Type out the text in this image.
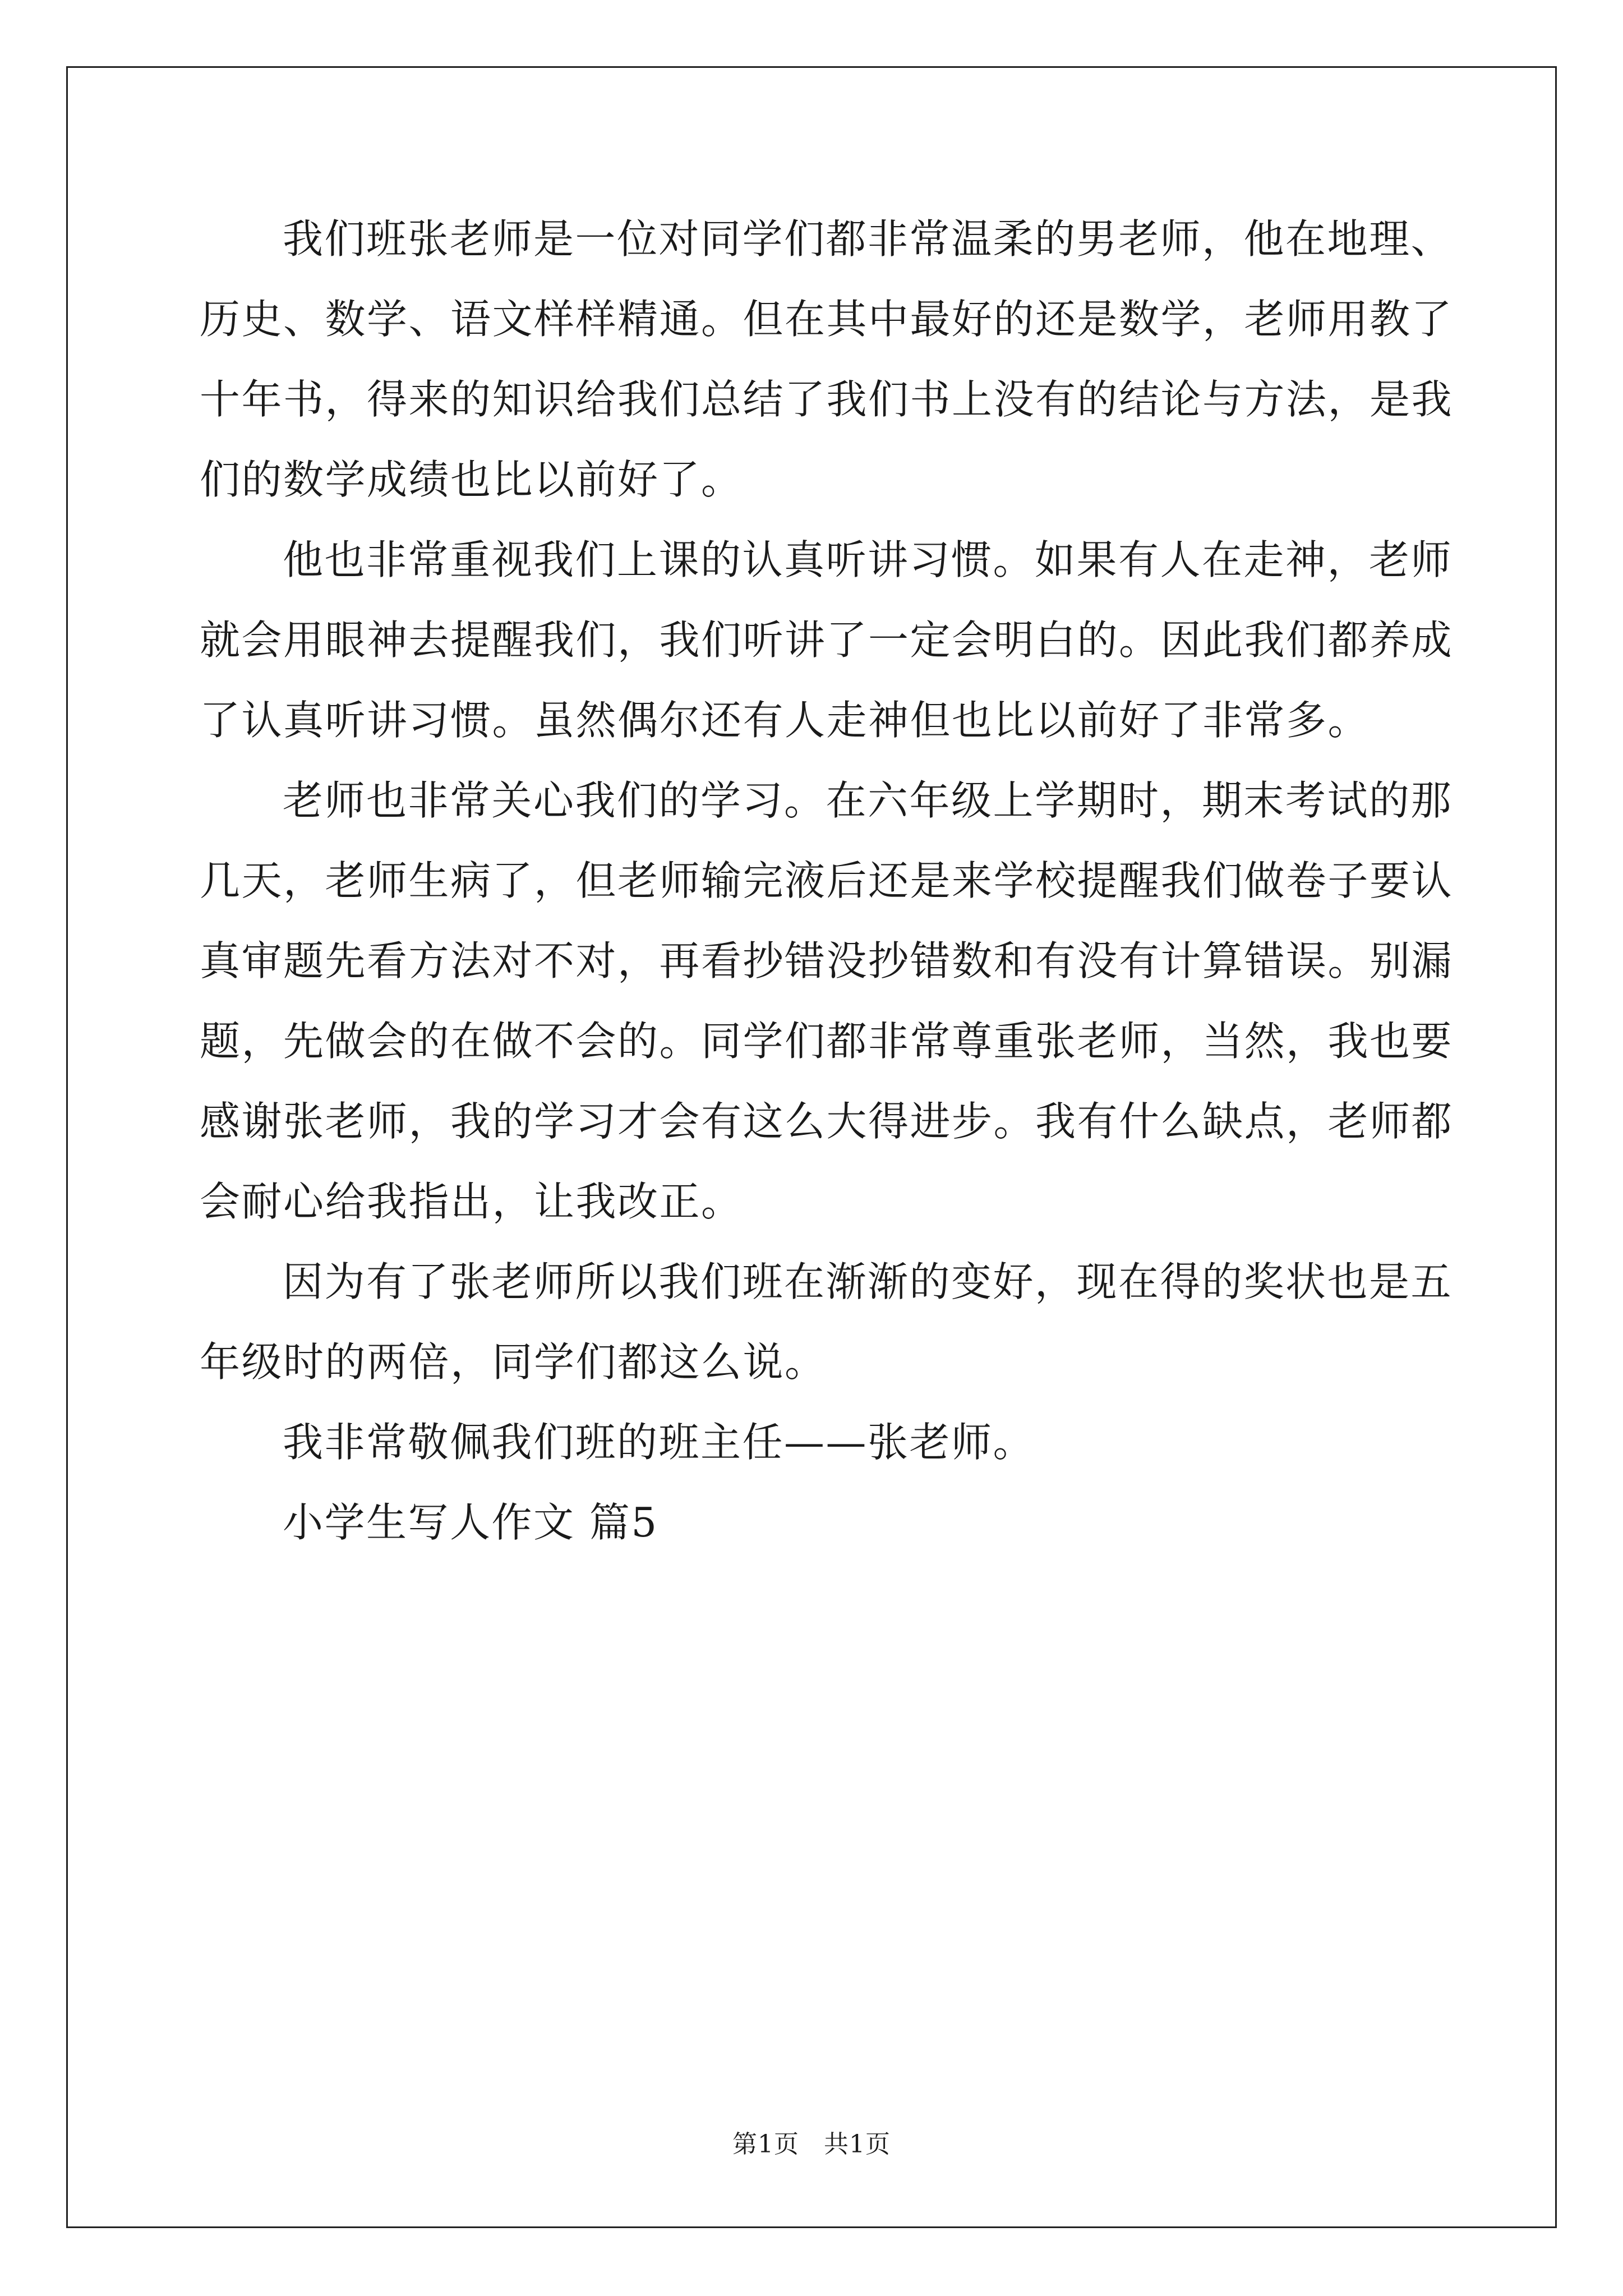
我们班张老师是一位对同学们都非常温柔的男老师，他在地理、
历史、数学、语文样样精通。但在其中最好的还是数学，老师用教了
十年书，得来的知识给我们总结了我们书上没有的结论与方法，是我
们的数学成绩也比以前好了。
他也非常重视我们上课的认真听讲习惯。如果有人在走神，老师
就会用眼神去提醒我们，我们听讲了一定会明白的。因此我们都养成
了认真听讲习惯。虽然偶尔还有人走神但也比以前好了非常多。
老师也非常关心我们的学习。在六年级上学期时，期末考试的那
几天，老师生病了，但老师输完液后还是来学校提醒我们做卷子要认
真审题先看方法对不对，再看抄错没抄错数和有没有计算错误。别漏
题，先做会的在做不会的。同学们都非常尊重张老师，当然，我也要
感谢张老师，我的学习才会有这么大得进步。我有什么缺点，老师都
会耐心给我指出，让我改正。
因为有了张老师所以我们班在渐渐的变好，现在得的奖状也是五
年级时的两倍，同学们都这么说。
我非常敬佩我们班的班主任——张老师。
小学生写人作文 篇5
第1页 共1页
